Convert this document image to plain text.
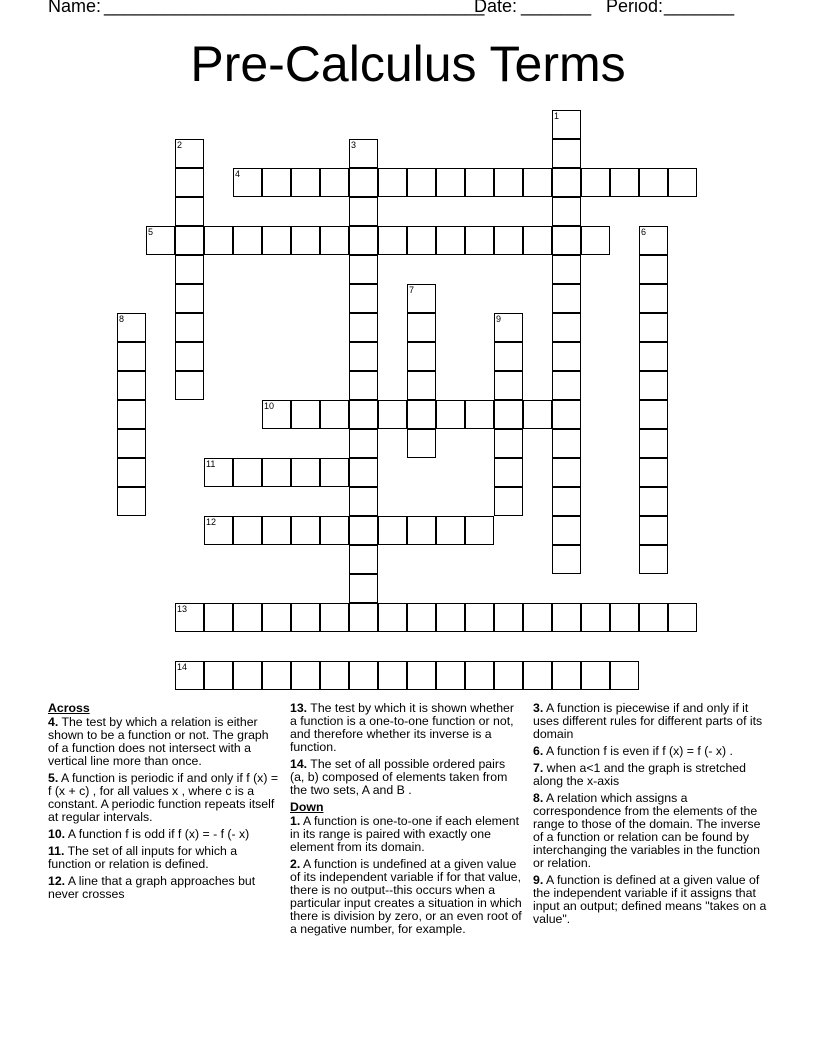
Name: ______________________________________
Date: _______ Period: _______
Pre-Calculus Terms
1
2	3
4
5	6
7
8	9
10
11
12
13
14
Across
4. The test by which a relation is either shown to be a function or not. The graph of a function does not intersect with a vertical line more than once.
5. A function is periodic if and only if f (x) = f (x + c) , for all values x , where c is a constant. A periodic function repeats itself at regular intervals.
10. A function f is odd if f (x) = - f (- x)
11. The set of all inputs for which a function or relation is defined.
12. A line that a graph approaches but never crosses
13. The test by which it is shown whether a function is a one-to-one function or not, and therefore whether its inverse is a function.
14. The set of all possible ordered pairs (a, b) composed of elements taken from the two sets, A and B .
Down
1. A function is one-to-one if each element in its range is paired with exactly one element from its domain.
2. A function is undefined at a given value of its independent variable if for that value, there is no output--this occurs when a particular input creates a situation in which there is division by zero, or an even root of a negative number, for example.
3. A function is piecewise if and only if it uses different rules for different parts of its domain
6. A function f is even if f (x) = f (- x) .
7. when a<1 and the graph is stretched along the x-axis
8. A relation which assigns a correspondence from the elements of the range to those of the domain. The inverse of a function or relation can be found by interchanging the variables in the function or relation.
9. A function is defined at a given value of the independent variable if it assigns that input an output; defined means "takes on a value".
